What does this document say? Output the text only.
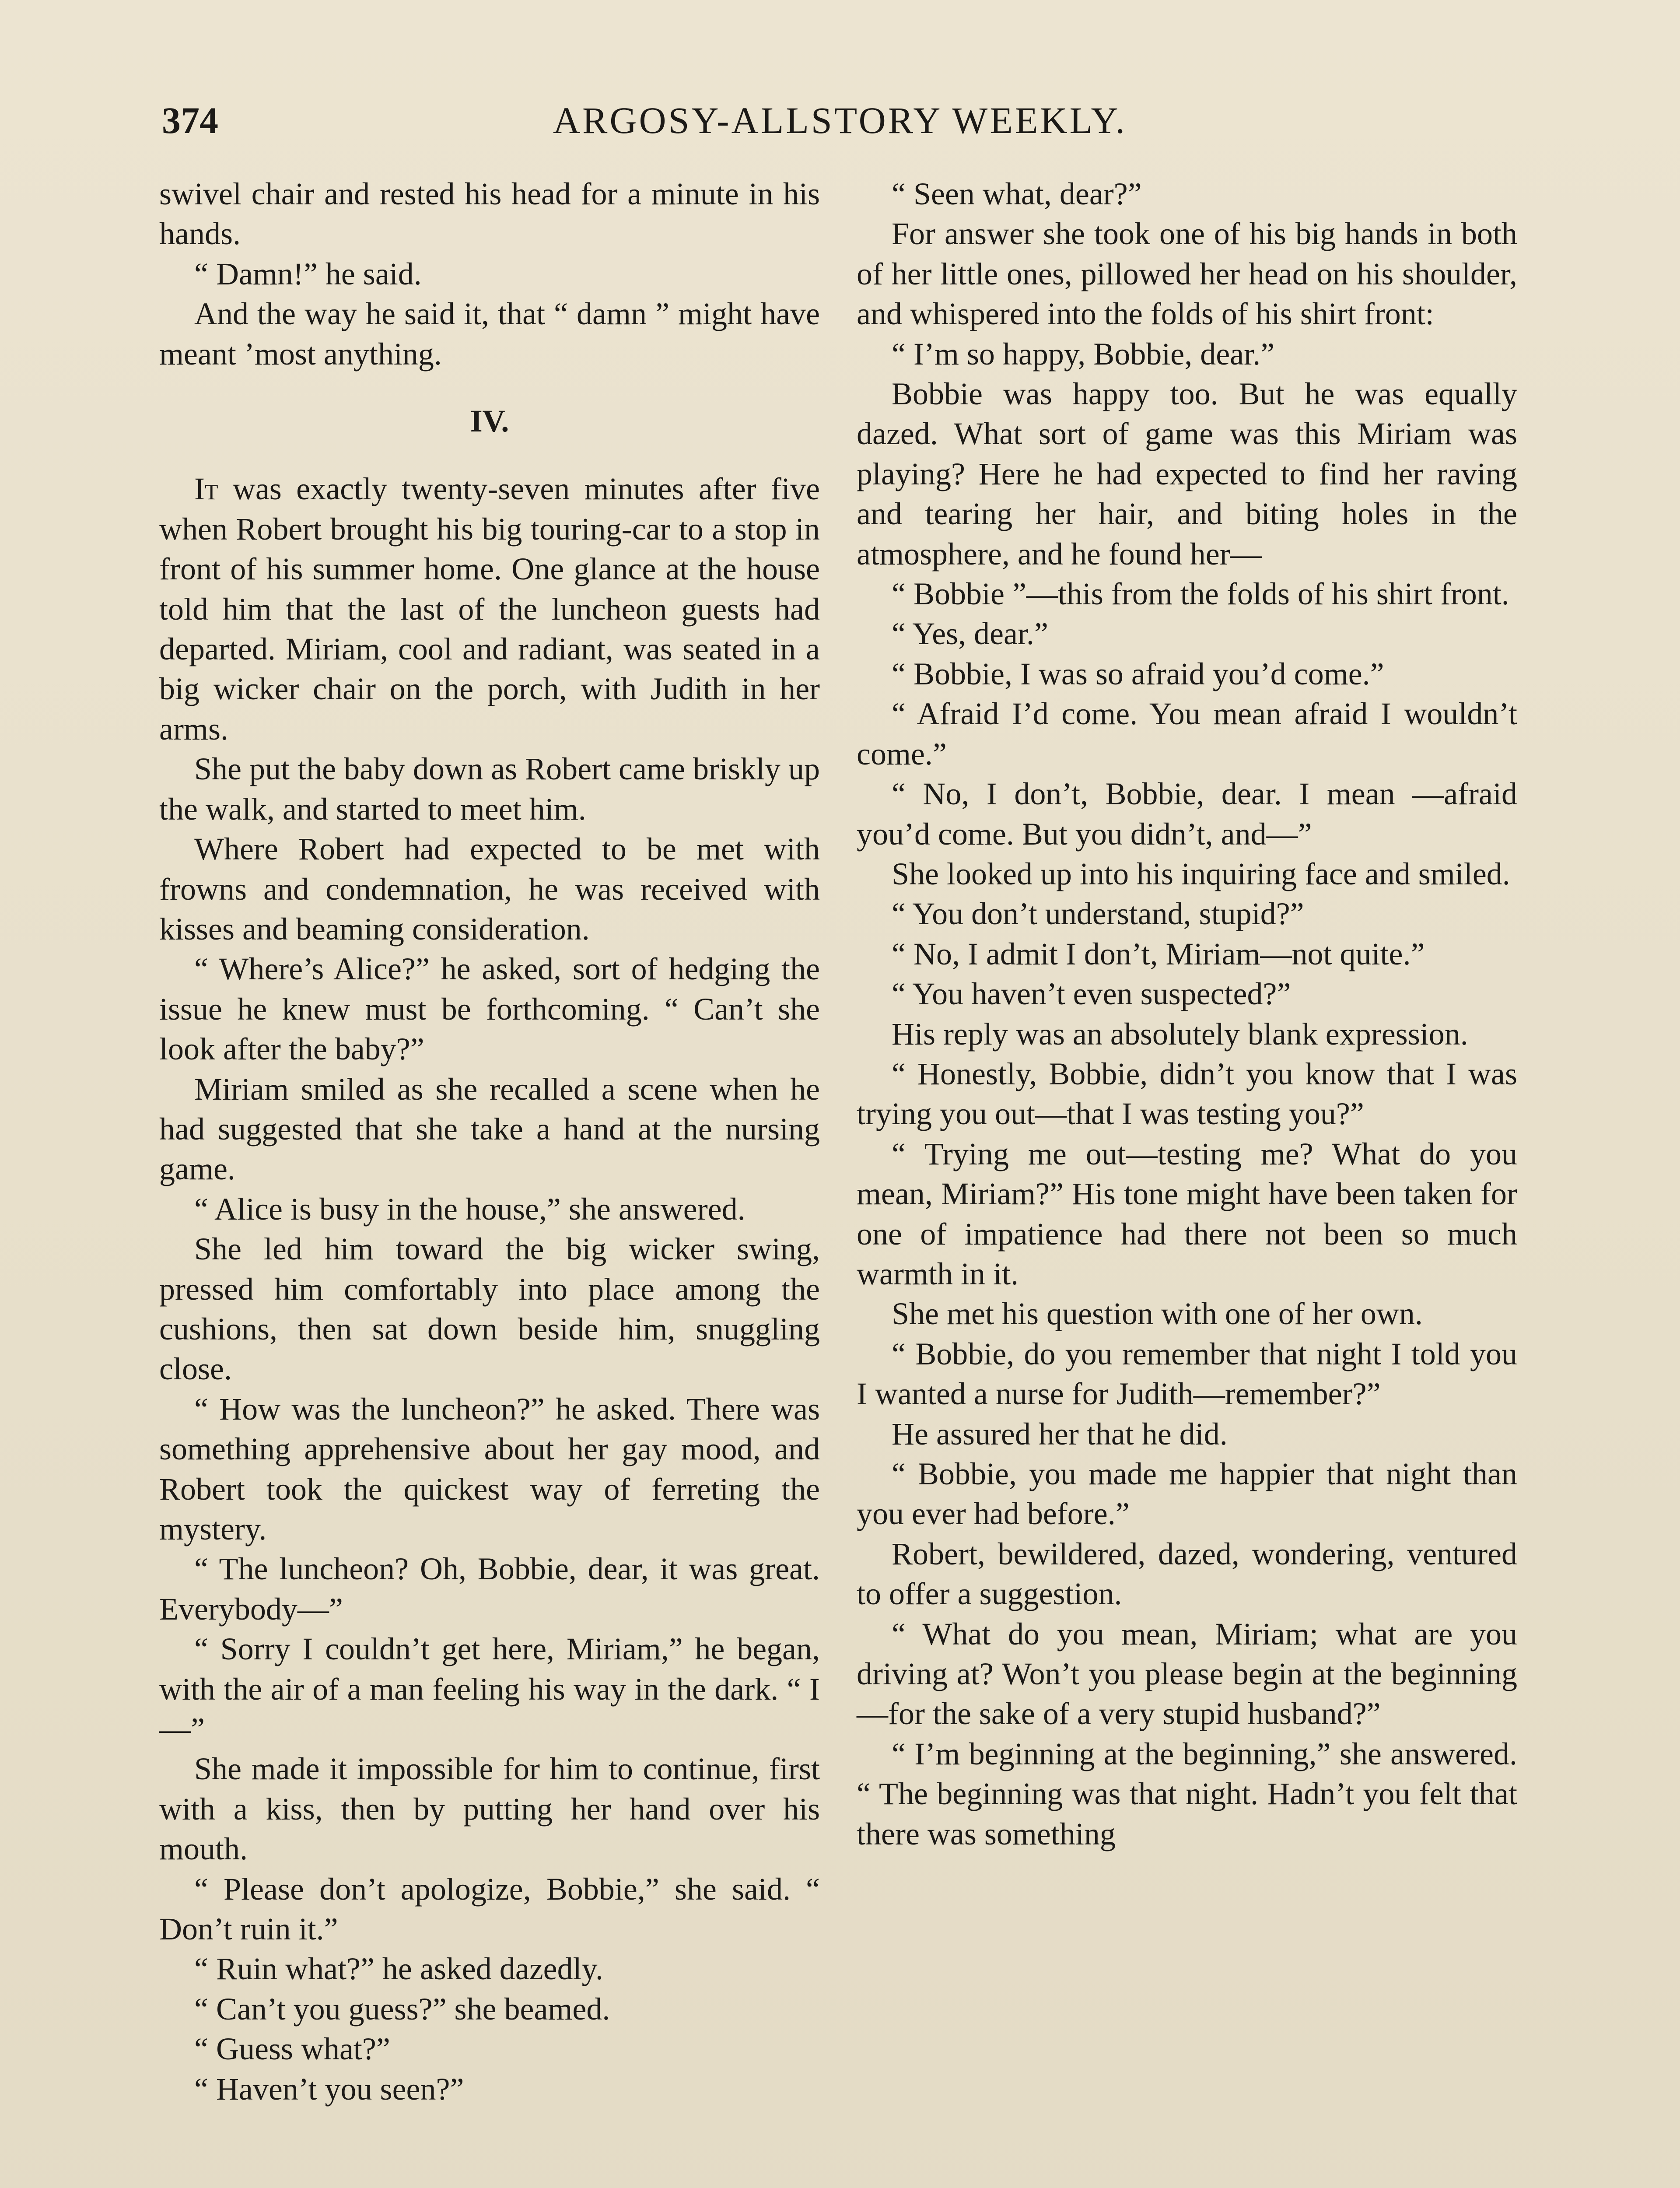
374	ARGOSY-ALLSTORY WEEKLY.

swivel chair and rested his head for a minute in his hands.

“ Damn!” he said.

And the way he said it, that “ damn ” might have meant ’most anything.

IV.

It was exactly twenty-seven minutes after five when Robert brought his big touring-car to a stop in front of his summer home. One glance at the house told him that the last of the luncheon guests had departed. Miriam, cool and radiant, was seated in a big wicker chair on the porch, with Judith in her arms.

She put the baby down as Robert came briskly up the walk, and started to meet him.

Where Robert had expected to be met with frowns and condemnation, he was received with kisses and beaming consideration.

“ Where’s Alice?” he asked, sort of hedging the issue he knew must be forthcoming. “ Can’t she look after the baby?”

Miriam smiled as she recalled a scene when he had suggested that she take a hand at the nursing game.

“ Alice is busy in the house,” she answered.

She led him toward the big wicker swing, pressed him comfortably into place among the cushions, then sat down beside him, snuggling close.

“ How was the luncheon?” he asked. There was something apprehensive about her gay mood, and Robert took the quickest way of ferreting the mystery.

“ The luncheon? Oh, Bobbie, dear, it was great. Everybody—”

“ Sorry I couldn’t get here, Miriam,” he began, with the air of a man feeling his way in the dark. “ I—”

She made it impossible for him to continue, first with a kiss, then by putting her hand over his mouth.

“ Please don’t apologize, Bobbie,” she said. “ Don’t ruin it.”

“ Ruin what?” he asked dazedly.

“ Can’t you guess?” she beamed.

“ Guess what?”

“ Haven’t you seen?”

“ Seen what, dear?”

For answer she took one of his big hands in both of her little ones, pillowed her head on his shoulder, and whispered into the folds of his shirt front:

“ I’m so happy, Bobbie, dear.”

Bobbie was happy too. But he was equally dazed. What sort of game was this Miriam was playing? Here he had expected to find her raving and tearing her hair, and biting holes in the atmosphere, and he found her—

“ Bobbie ”—this from the folds of his shirt front.

“ Yes, dear.”

“ Bobbie, I was so afraid you’d come.”

“ Afraid I’d come. You mean afraid I wouldn’t come.”

“ No, I don’t, Bobbie, dear. I mean —afraid you’d come. But you didn’t, and—”

She looked up into his inquiring face and smiled.

“ You don’t understand, stupid?”

“ No, I admit I don’t, Miriam—not quite.”

“ You haven’t even suspected?”

His reply was an absolutely blank expression.

“ Honestly, Bobbie, didn’t you know that I was trying you out—that I was testing you?”

“ Trying me out—testing me? What do you mean, Miriam?” His tone might have been taken for one of impatience had there not been so much warmth in it.

She met his question with one of her own.

“ Bobbie, do you remember that night I told you I wanted a nurse for Judith—remember?”

He assured her that he did.

“ Bobbie, you made me happier that night than you ever had before.”

Robert, bewildered, dazed, wondering, ventured to offer a suggestion.

“ What do you mean, Miriam; what are you driving at? Won’t you please begin at the beginning—for the sake of a very stupid husband?”

“ I’m beginning at the beginning,” she answered. “ The beginning was that night. Hadn’t you felt that there was something
